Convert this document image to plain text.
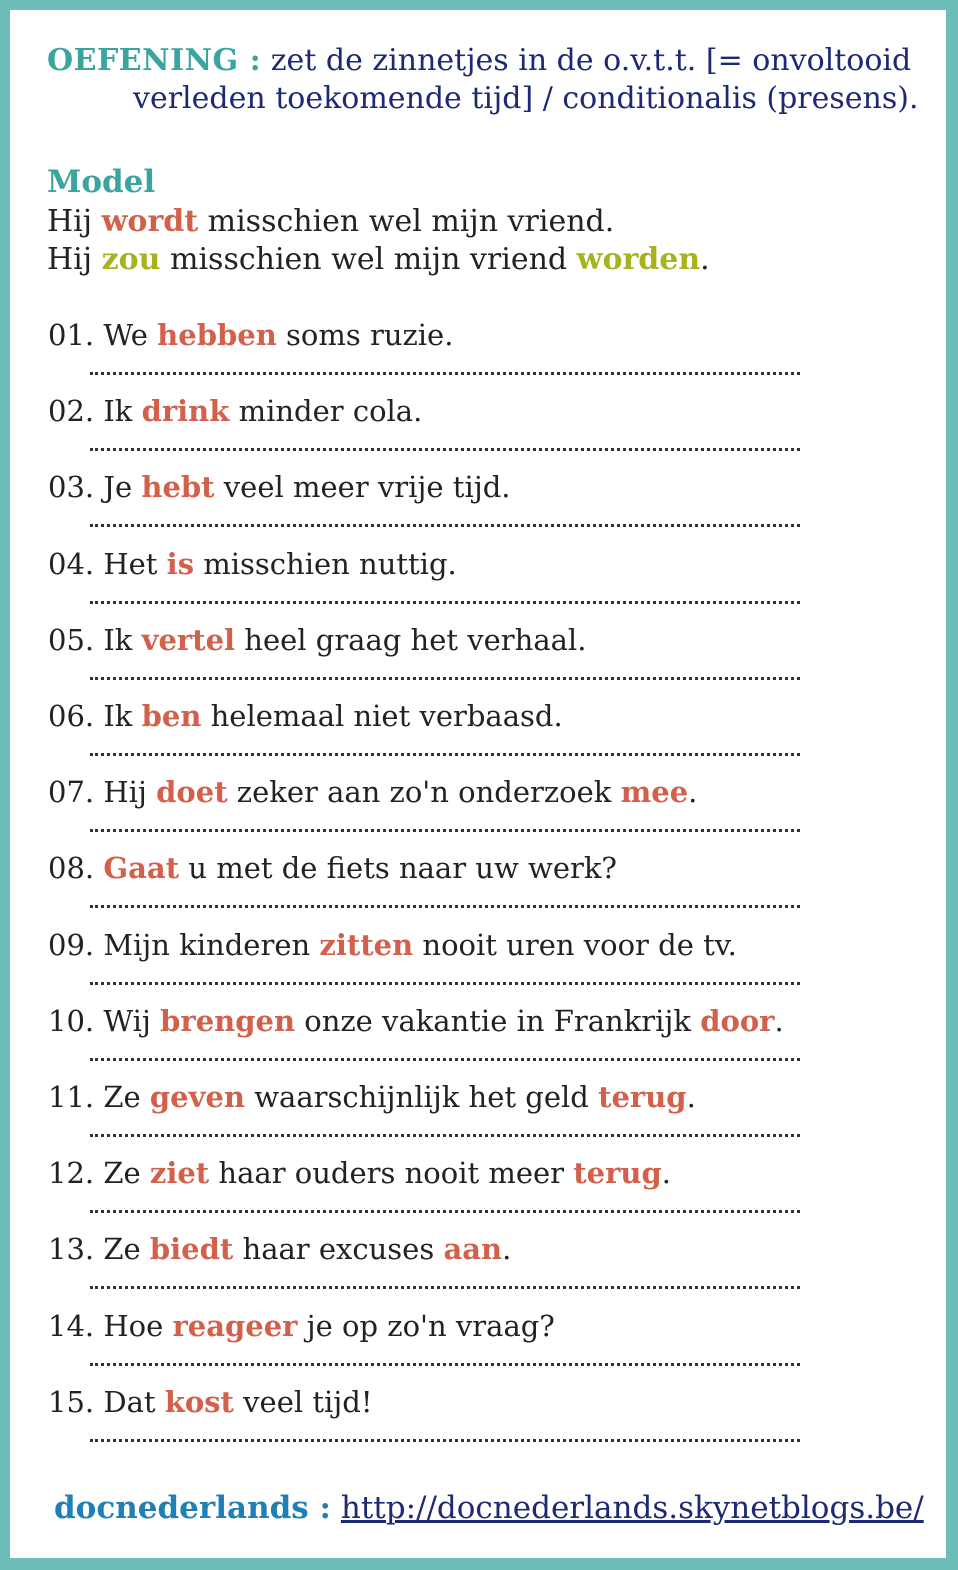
OEFENING : zet de zinnetjes in de o.v.t.t. [= onvoltooid
verleden toekomende tijd] / conditionalis (presens).
Model
Hij wordt misschien wel mijn vriend.
Hij zou misschien wel mijn vriend worden.
01. We hebben soms ruzie.
02. Ik drink minder cola.
03. Je hebt veel meer vrije tijd.
04. Het is misschien nuttig.
05. Ik vertel heel graag het verhaal.
06. Ik ben helemaal niet verbaasd.
07. Hij doet zeker aan zo'n onderzoek mee.
08. Gaat u met de fiets naar uw werk?
09. Mijn kinderen zitten nooit uren voor de tv.
10. Wij brengen onze vakantie in Frankrijk door.
11. Ze geven waarschijnlijk het geld terug.
12. Ze ziet haar ouders nooit meer terug.
13. Ze biedt haar excuses aan.
14. Hoe reageer je op zo'n vraag?
15. Dat kost veel tijd!
docnederlands : http://docnederlands.skynetblogs.be/
